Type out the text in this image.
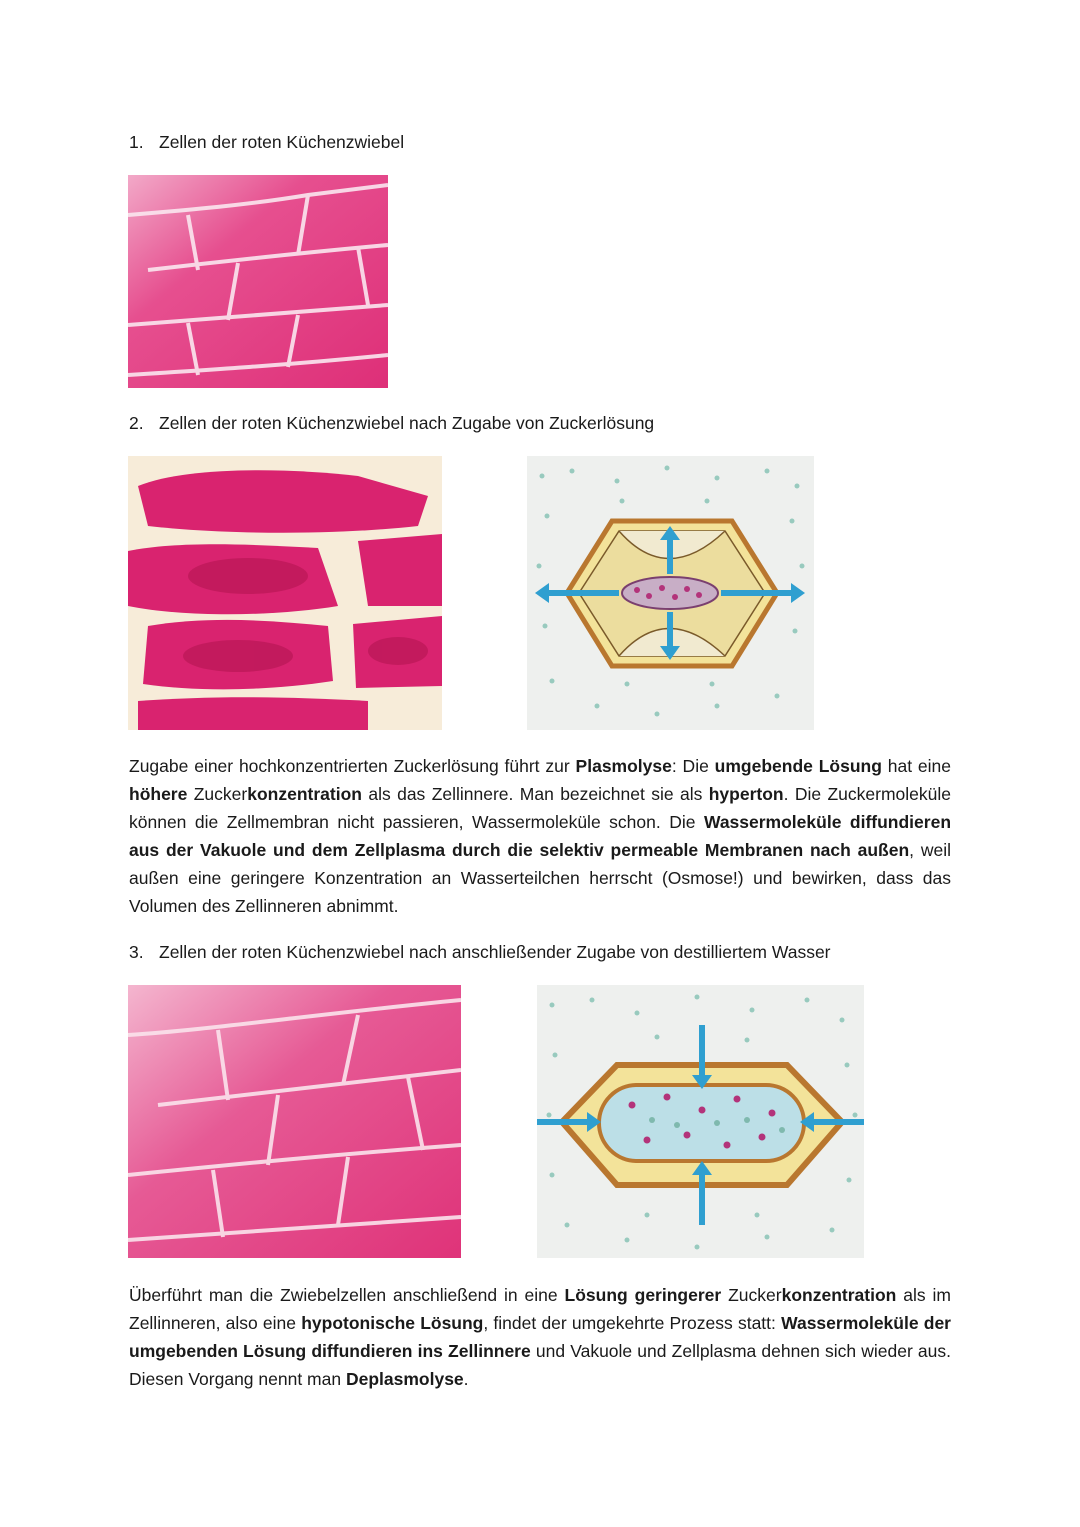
1. Zellen der roten Küchenzwiebel
2. Zellen der roten Küchenzwiebel nach Zugabe von Zuckerlösung

Zugabe einer hochkonzentrierten Zuckerlösung führt zur Plasmolyse: Die umgebende Lösung hat eine höhere Zuckerkonzentration als das Zellinnere. Man bezeichnet sie als hyperton. Die Zuckermoleküle können die Zellmembran nicht passieren, Wassermoleküle schon. Die Wassermoleküle diffundieren aus der Vakuole und dem Zellplasma durch die selektiv permeable Membranen nach außen, weil außen eine geringere Konzentration an Wasserteilchen herrscht (Osmose!) und bewirken, dass das Volumen des Zellinneren abnimmt.

3. Zellen der roten Küchenzwiebel nach anschließender Zugabe von destilliertem Wasser

Überführt man die Zwiebelzellen anschließend in eine Lösung geringerer Zuckerkonzentration als im Zellinneren, also eine hypotonische Lösung, findet der umgekehrte Prozess statt: Wassermoleküle der umgebenden Lösung diffundieren ins Zellinnere und Vakuole und Zellplasma dehnen sich wieder aus. Diesen Vorgang nennt man Deplasmolyse.
